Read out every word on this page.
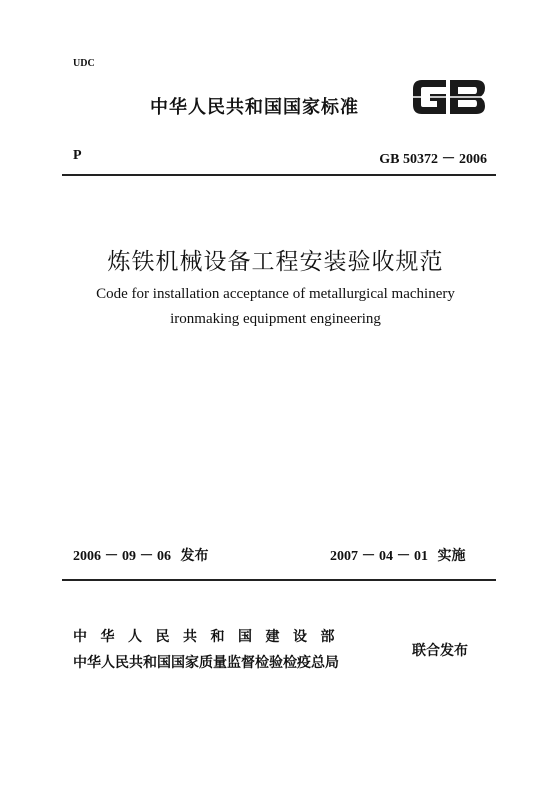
UDC
中华人民共和国国家标准
P	GB 50372 － 2006
炼铁机械设备工程安装验收规范
Code for installation acceptance of metallurgical machinery
ironmaking equipment engineering
2006 － 09 － 06 发布	2007 － 04 － 01 实施
中华人民共和国建设部
中华人民共和国国家质量监督检验检疫总局
联合发布
